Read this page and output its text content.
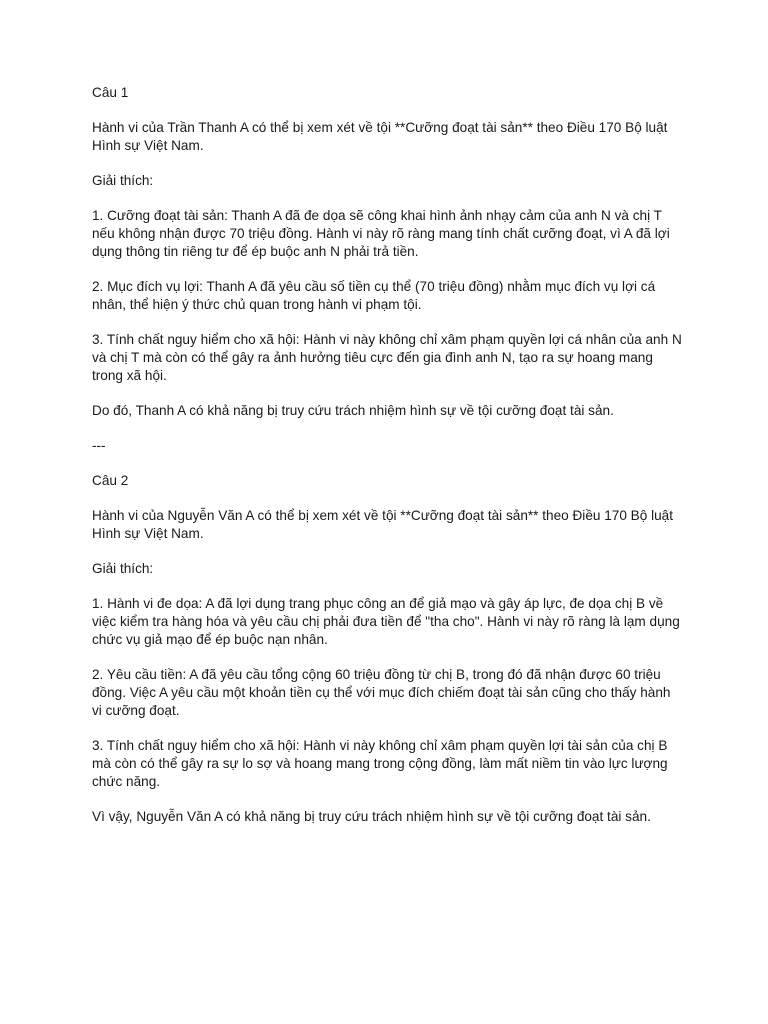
Câu 1

Hành vi của Trần Thanh A có thể bị xem xét về tội **Cưỡng đoạt tài sản** theo Điều 170 Bộ luật Hình sự Việt Nam.

Giải thích:

1. Cưỡng đoạt tài sản: Thanh A đã đe dọa sẽ công khai hình ảnh nhạy cảm của anh N và chị T nếu không nhận được 70 triệu đồng. Hành vi này rõ ràng mang tính chất cưỡng đoạt, vì A đã lợi dụng thông tin riêng tư để ép buộc anh N phải trả tiền.

2. Mục đích vụ lợi: Thanh A đã yêu cầu số tiền cụ thể (70 triệu đồng) nhằm mục đích vụ lợi cá nhân, thể hiện ý thức chủ quan trong hành vi phạm tội.

3. Tính chất nguy hiểm cho xã hội: Hành vi này không chỉ xâm phạm quyền lợi cá nhân của anh N và chị T mà còn có thể gây ra ảnh hưởng tiêu cực đến gia đình anh N, tạo ra sự hoang mang trong xã hội.

Do đó, Thanh A có khả năng bị truy cứu trách nhiệm hình sự về tội cưỡng đoạt tài sản.

---

Câu 2

Hành vi của Nguyễn Văn A có thể bị xem xét về tội **Cưỡng đoạt tài sản** theo Điều 170 Bộ luật Hình sự Việt Nam.

Giải thích:

1. Hành vi đe dọa: A đã lợi dụng trang phục công an để giả mạo và gây áp lực, đe dọa chị B về việc kiểm tra hàng hóa và yêu cầu chị phải đưa tiền để "tha cho". Hành vi này rõ ràng là lạm dụng chức vụ giả mạo để ép buộc nạn nhân.

2. Yêu cầu tiền: A đã yêu cầu tổng cộng 60 triệu đồng từ chị B, trong đó đã nhận được 60 triệu đồng. Việc A yêu cầu một khoản tiền cụ thể với mục đích chiếm đoạt tài sản cũng cho thấy hành vi cưỡng đoạt.

3. Tính chất nguy hiểm cho xã hội: Hành vi này không chỉ xâm phạm quyền lợi tài sản của chị B mà còn có thể gây ra sự lo sợ và hoang mang trong cộng đồng, làm mất niềm tin vào lực lượng chức năng.

Vì vậy, Nguyễn Văn A có khả năng bị truy cứu trách nhiệm hình sự về tội cưỡng đoạt tài sản.
